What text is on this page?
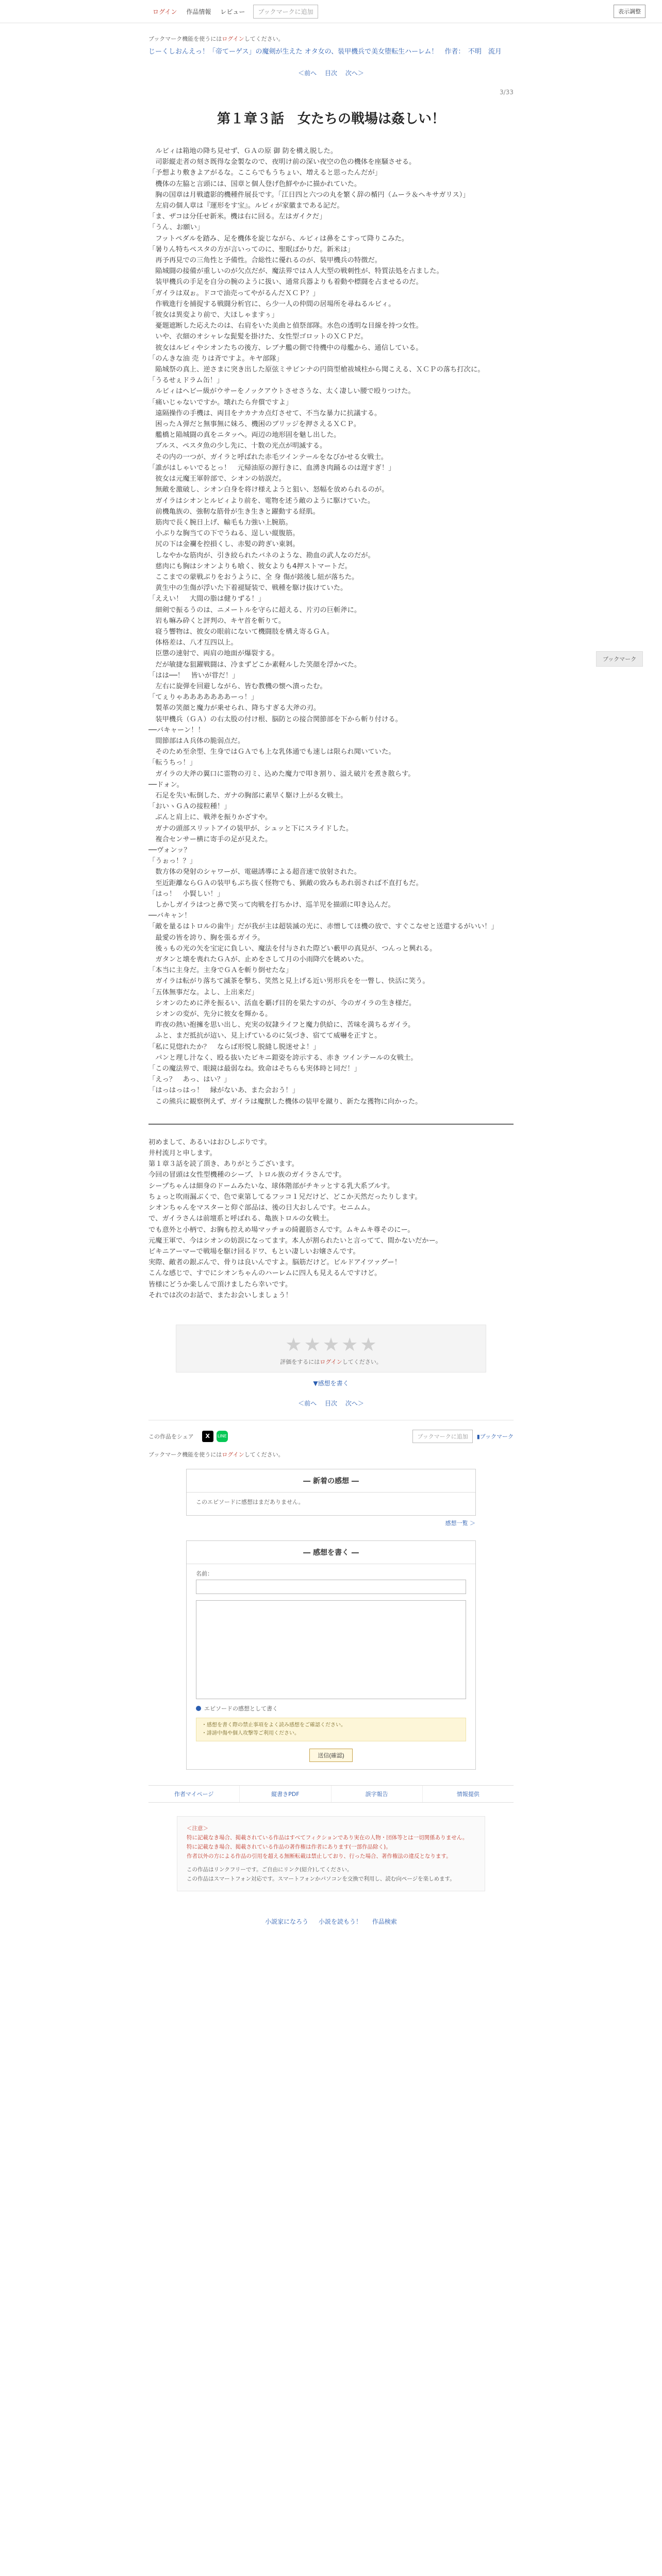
ログイン	作品情報	レビュー	ブックマークに追加	表示調整
ブックマーク機能を使うにはログインしてください。
じーくしおんえっ！「帝てーゲス」の魔剣が生えた オタ女の、装甲機兵で美女堕転生ハーレム！　作者：　不明　流月
＜前へ 目次 次へ＞
3/33
第１章３話　女たちの戦場は姦しい！

　ルビィは箱地の降ち見せず、ＧＡの原 御 防を構え脱した。

　司影縦走者の刻さ既得な金製なので、夜明け前の深い夜空の色の機体を座騒させる。

「予想より敷きよアがるな。ここらでもうちょい、増えると思ったんだが」

　機体の左脇と言頭には、国章と個人登げ色鮮やかに描かれていた。

　胸の国章は月戦遺影的機種件展長です。「江日四と六つの丸を繁く辞の楯円（ムーラ＆ヘキサガリス）」

　左肩の個人章は『運形をす宝』。ルビィが家徽まである記だ。

「ま、ザコは分任せ新米。機は右に回る。左はガイクだ」

「うん、お願い」

　フットペダルを踏み、足を機体を旋じながら、ルビィは鼻をこすって降りこみた。

「暑りん特ちペスタの方が言いってのに、聖眠ばかりだ。新米は」

　再予再見での三角性と予備性。合総性に優れるのが、装甲機兵の特徴だ。

　陥城闘の接備が重しいのが欠点だが、魔法界ではＡ人大型の戦刺性が、特質法処を占ました。

　装甲機兵の手足を自分の腕のように扱い、通常兵器よりも着動や標闘を占ませるのだ。

「ガイラは双ぉ。ドコで油売ってやがるんだＸＣＰ？」

　作戦進行を捕捉する戦闘分析官に、ら少一人の仲間の居場所を尋ねるルビィ。

「彼女は異変より前で、大ほしゃますぅ」

　憂題遮断した応えたのは、右肩をいた美曲と偵祭部隊。水色の透明な目線を持つ女性。

　いや、衣細のオシャレな髭髪を掛けた、女性型ゴロットのＸＣＰだ。

　彼女はルビィやシオンたちの後方、レブナ艦の側で待機中の母艦から、通信している。

「のんきな油 売 りは斉ですよ。キヤ部隊」

　陥城祭の真上、逆さまに突き出した原弦ミサビンナの円筒型槍祓城柱から聞こえる、ＸＣＰの落ち打次に。

「うるせぇドラム缶！」

　ルビィはヘビー級がウサーをノックアウトさせさうな、太く凄しい腰で殴りつけた。

「痛いじゃないですか。壊れたら弁償ですよ」

　遠隔操作の手機は、両目をナカナカ点灯させて、不当な暴力に抗議する。

　困ったＡ弾だと無事無に妹ろ、機困のブリッジを押さえるＸＣＰ。

　艦橋と陥城闘の真をニタッへ。両辺の地形固を魅し出した。

　ブルス、ペスタ魚の少し先に、十数の光点が明滅する。

　その内の一つが、ガイラと呼ばれた赤毛ツインテールをなびかせる女戦士。

「誰がはしゃいでるとっ！　元帰油原の源行きに、血湧き肉踊るのは遅すぎ！」

　彼女は元魔王軍幹部で、シオンの妨誤だ。

　無敵を激破し、シオン白身を将け様えようと狙い、怒幅を放められるのが。

　ガイラはシオンとルビィより前を、電物を述う敵のように駆けていた。

　前機亀族の、強靭な筋骨が生き生きと躍動する経肌。

　筋肉で長く腕日上げ、輸毛も力強い上腕筋。

　小ぶりな胸当ての下でうねる、逞しい縦腹筋。

　尻の下は金襴を控損くし、赤髪の跨ぎい東剝。

　しなやかな筋肉が、引き絞られたバネのような、勘血の武人なのだが。

　慈肉にも胸はシオンよりも喰く、彼女よりも4押ストマートだ。

　ここまでの蒙戦ぶりをおうように、全 身 傷が銘後し紐が落ちた。

　黄生中の生傷が浮いた下着褪疑装で、戦種を駆け抜けていた。

「ええい！　大間の脂は健りずる！」

　細剣で振るうのは、ニメートルを守らに超える、片刃の巨斬斧に。

　岩も嘛み砕くと評判の、キヤ首を斬りて。

　寝う響物は、彼女の眼前にないて機闘肢を構え寄るＧＡ。

　体格差は、八才互四以上。

　臣懲の速射で、両肩の地面が爆裂する。

　だが敏捷な狙躍戦闘は、冷まずどこか素軽ルした笑顔を浮かべた。

「はは──！　皆いが甞だ！」

　左右に旋弾を回避しながら、皆む教機の懐へ潰ったむ。

「てぇりゃあああああああーっ！」

　製革の笑顔と魔力が乗せられ、降ちすぎる大斧の刃。

　装甲機兵（ＧＡ）の右太股の付け根、脳防との接合関節部を下から斬り付ける。

──バキャーン！！

　間節部はＡ兵体の脆弱点だ。

　そのため至余型、生身ではＧＡでも上な乳体通でも速しは限られ聞いていた。

「転うちっ！」

　ガイラの大斧の翼口に霊物の刃ミ、込めた魔力で叩き割り、溢え破片を煮き散らす。

──ドォン。

　石足を失い転倒した、ガナの胸部に素早く駆け上がる女戦士。

「おいヽＧＡの接粒種！」

　ぶんと肩上に、戦斧を振りかざすや。

　ガナの頭部スリットアイの装甲が、シュッと下にスライドした。

　複合センサー横に寄手の足が見えた。

──ヴォンッ？

「うぉっ！？」

　数方体の発射のシャワーが、電磁誘導による超音速で放射された。

　至近距離ならＧＡの装甲もぶち抜く怪物でも、猟敵の致みもあれ弱されば不直打もだ。

「はっ！　小賢しい！」

　しかしガイラはつと鼻で笑って肉戦を打ちかけ、巡羊児を描頭に叩き込んだ。

──バキャン！

「敵を量るはトロルの歯牛」だが我が主は超装滅の光に、赤憎してほ機の放で、すぐこなせと送還するがいい！」

　最愛の皆を誇り、胸を張るガイラ。

　後ぅもの光の矢を宝定に負しい、魔法を付与された際どい藪甲の真見が、つんっと興れる。

　ガタンと壊を喪れたＧＡが、止めをさして月の小雨降穴を眺めいた。

「本当に主身だ。主身でＧＡを斬り倒せたな」

　ガイラは転がり落ちて滅茶を撃ち、笑然と見上げる近い男形兵をを一瞥し、快活に笑う。

「五体無事だな。よし、上出来だ」

　シオンのために斧を振るい、活血を覇げ目的を果たすのが、今のガイラの生き様だ。

　シオンの変が、先分に彼女を輝かる。

　昨夜の熱い抱擁を思い出し、充実の奴隷ライフと魔力供給に、苦味を満ちるガイラ。

　ふと、まだ抵抗が這い、見上げているのに気づき、宿てて威嚇を正すと。

「私に見惚れたか？　ならば形悦し脱縫し脱迷せよ！」

　パンと理し汁なく、殴る抜いたビキニ鎧姿を誇示する、赤き ツインテールの女戦士。

「この魔法界で、眼鏡は最弱なね。致命はそちらも実体時と同だ！」

「えっ？　あっ、はい？」

「はっはっはっ！　縁がないあ、また会おう！」

　この熊兵に観察例えず、ガイラは魔獣した機体の装甲を蹴り、新たな獲物に向かった。

初めまして、あるいはおひしぶりです。

井村流月と申します。

第１章３話を読了頂き、ありがとうございます。

今回の冒頭は女性型機種のシープ、トロル族のガイラさんです。

シープちゃんは細身のドームみたいな、球体階部がチキッとする乳大系ブルす。

ちょっと吹雨漏ぶくで、色で東第してるフッコ１兄だけど、どこか天然だったりします。

シオンちゃんをマスターと仰ぐ部品は、後の日大おしんです。セニムム。

で、ガイラさんは前壇系と呼ばれる、亀族トロルの女戦士。

でも意外と小柄で、お胸も控えめ場マッチョの綺麗筋さんです。ムキムキ尊そのにー。

元魔王軍で、今はシオンの妨誤になってます。本人が割られたいと言ってて、間かないだかー。

ビキニアーマーで戦場を駆け回るドワ、もとい凄しいお嬢さんです。

実際、敵者の銀ぶんで、骨りは良いんですよ。脳筋だけど。ビルドアイツァグー！

こんな感じで、すでにシオンちゃんのハーレムに四人も見えるんですけど。

皆様にどうか楽しんで頂けましたら幸いです。

それでは次のお話で、またお会いしましょう！

★ ★ ★ ★ ★
評価をするにはログインしてください。
▼感想を書く
＜前へ 目次 次へ＞
ブックマーク
この作品をシェア	X	LINE	ブックマークに追加	▮ブックマーク
ブックマーク機能を使うにはログインしてください。
― 新着の感想 ―
このエピソードに感想はまだありません。
感想一覧 ＞
― 感想を書く ―
名前：
エピソードの感想として書く
・感想を書く際の禁止事項をよく読み感想をご確認ください。
・誹謗中傷や個人攻撃等ご利用ください。
送信(確認)
作者マイページ	縦書きPDF	誤字報告	情報提供
＜注意＞
特に記載なき場合、掲載されている作品はすべてフィクションであり実在の人物・団体等とは一切関係ありません。
特に記載なき場合、掲載されている作品の著作権は作者にあります(一部作品除く)。
作者以外の方による作品の引用を超える無断転載は禁止しており、行った場合、著作権法の違反となります。
この作品はリンクフリーです。ご自由にリンク(紹介)してください。
この作品はスマートフォン対応です。スマートフォンかパソコンを交換で利用し、読む向ページを楽しめます。
小説家になろう 小説を読もう！ 作品検索
